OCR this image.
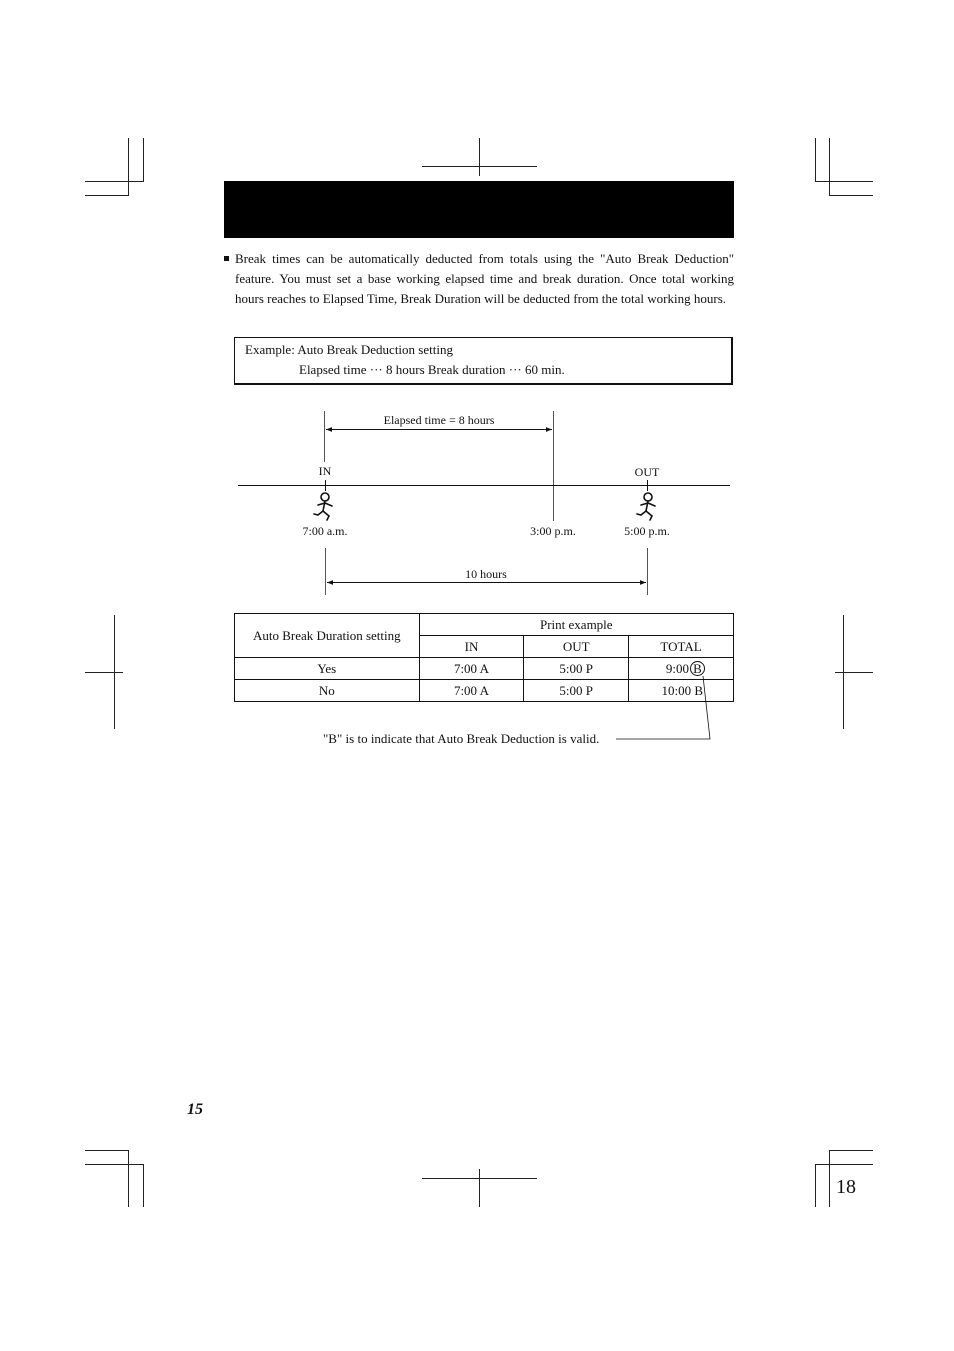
Break times can be automatically deducted from totals using the "Auto Break Deduction" feature. You must set a base working elapsed time and break duration. Once total working hours reaches to Elapsed Time, Break Duration will be deducted from the total working hours.
Example: Auto Break Deduction setting
Elapsed time ··· 8 hours Break duration ··· 60 min.
Elapsed time = 8 hours
IN	OUT
7:00 a.m.	3:00 p.m.	5:00 p.m.
10 hours
Auto Break Duration setting	Print example		
	IN	OUT	TOTAL
Yes	7:00 A	5:00 P	9:00 B
No	7:00 A	5:00 P	10:00 B
"B" is to indicate that Auto Break Deduction is valid.
15
18
